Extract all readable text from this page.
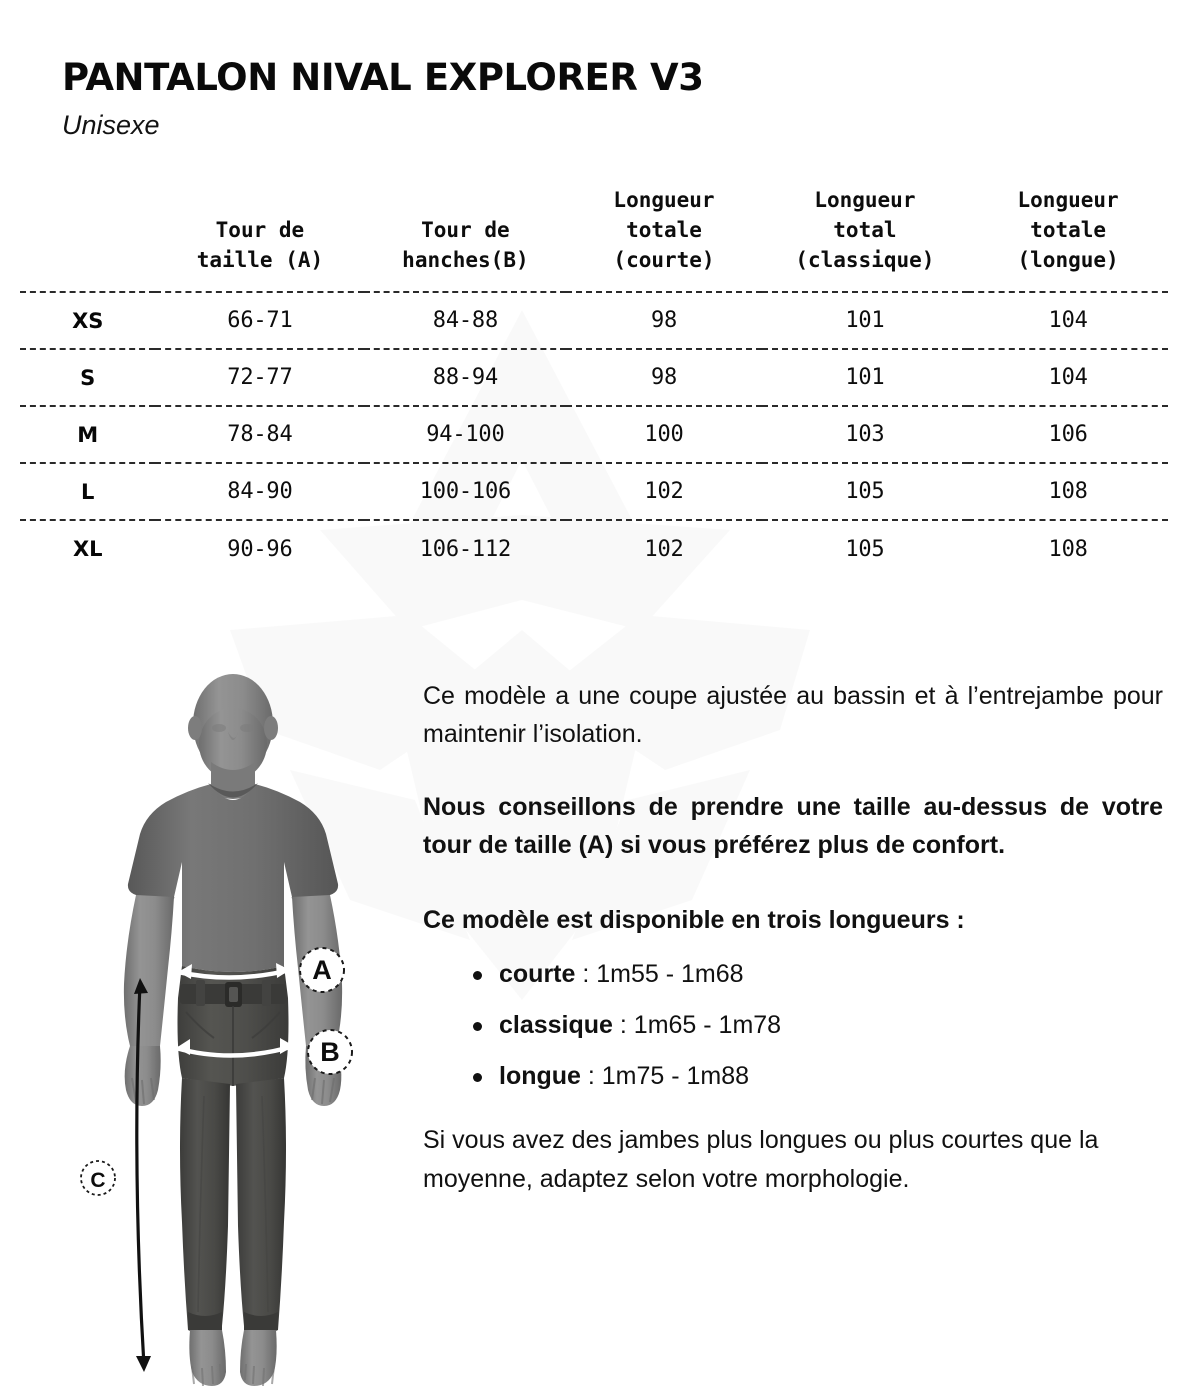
PANTALON NIVAL EXPLORER V3
Unisexe

Tour de
taille (A)

Tour de
hanches(B)

Longueur
totale
(courte)

Longueur
total
(classique)

Longueur
totale
(longue)

XS	66-71	84-88	98	101	104
S	72-77	88-94	98	101	104
M	78-84	94-100	100	103	106
L	84-90	100-106	102	105	108
XL	90-96	106-112	102	105	108
A
B
C

Ce modèle a une coupe ajustée au bassin et à l’entrejambe pour maintenir l’isolation.

Nous conseillons de prendre une taille au-dessus de votre tour de taille (A) si vous préférez plus de confort.

Ce modèle est disponible en trois longueurs :

courte : 1m55 - 1m68
classique : 1m65 - 1m78
longue : 1m75 - 1m88

Si vous avez des jambes plus longues ou plus courtes que la moyenne, adaptez selon votre morphologie.
